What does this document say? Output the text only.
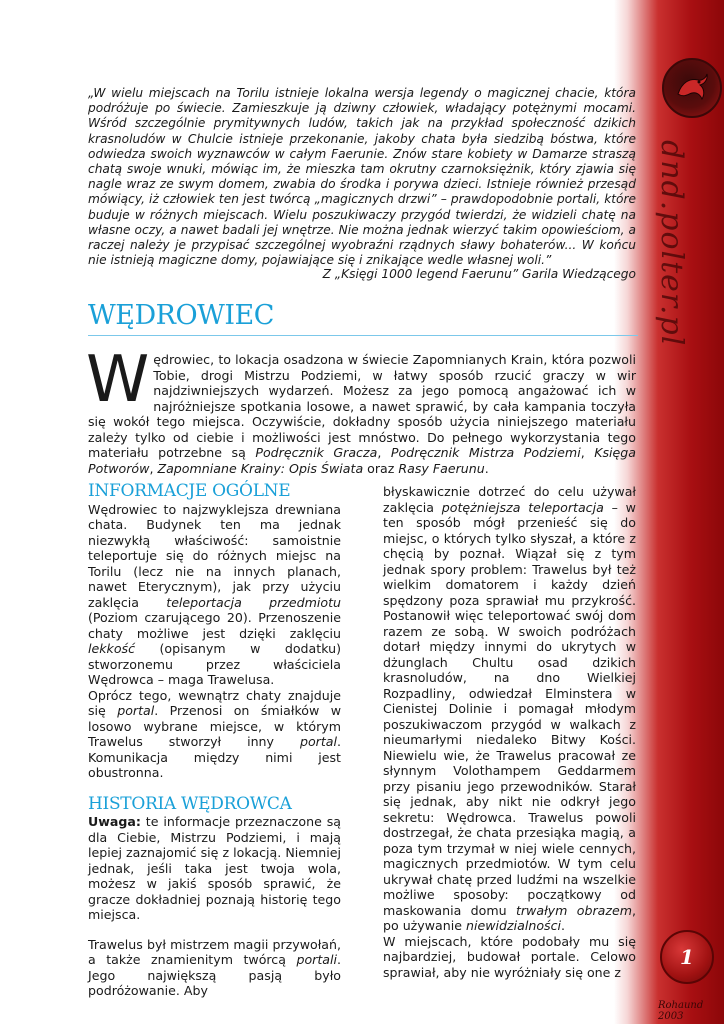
dnd.polter.pl
1
Rohaund 2003

„W wielu miejscach na Torilu istnieje lokalna wersja legendy o magicznej chacie, która podróżuje po świecie. Zamieszkuje ją dziwny człowiek, władający potężnymi mocami. Wśród szczególnie prymitywnych ludów, takich jak na przykład społeczność dzikich krasnoludów w Chulcie istnieje przekonanie, jakoby chata była siedzibą bóstwa, które odwiedza swoich wyznawców w całym Faerunie. Znów stare kobiety w Damarze straszą chatą swoje wnuki, mówiąc im, że mieszka tam okrutny czarnoksiężnik, który zjawia się nagle wraz ze swym domem, zwabia do środka i porywa dzieci. Istnieje również przesąd mówiący, iż człowiek ten jest twórcą „magicznych drzwi” – prawdopodobnie portali, które buduje w różnych miejscach. Wielu poszukiwaczy przygód twierdzi, że widzieli chatę na własne oczy, a nawet badali jej wnętrze. Nie można jednak wierzyć takim opowieściom, a raczej należy je przypisać szczególnej wyobraźni rządnych sławy bohaterów... W końcu nie istnieją magiczne domy, pojawiające się i znikające wedle własnej woli.”

Z „Księgi 1000 legend Faerunu” Garila Wiedzącego
WĘDROWIEC
Wędrowiec, to lokacja osadzona w świecie Zapomnianych Krain, która pozwoli Tobie, drogi Mistrzu Podziemi, w łatwy sposób rzucić graczy w wir najdziwniejszych wydarzeń. Możesz za jego pomocą angażować ich w najróżniejsze spotkania losowe, a nawet sprawić, by cała kampania toczyła się wokół tego miejsca. Oczywiście, dokładny sposób użycia niniejszego materiału zależy tylko od ciebie i możliwości jest mnóstwo. Do pełnego wykorzystania tego materiału potrzebne są Podręcznik Gracza, Podręcznik Mistrza Podziemi, Księga Potworów, Zapomniane Krainy: Opis Świata oraz Rasy Faerunu.
INFORMACJE OGÓLNE

Wędrowiec to najzwyklejsza drewniana chata. Budynek ten ma jednak niezwykłą właściwość: samoistnie teleportuje się do różnych miejsc na Torilu (lecz nie na innych planach, nawet Eterycznym), jak przy użyciu zaklęcia teleportacja przedmiotu (Poziom czarującego 20). Przenoszenie chaty możliwe jest dzięki zaklęciu lekkość (opisanym w dodatku) stworzonemu przez właściciela Wędrowca – maga Trawelusa.

Oprócz tego, wewnątrz chaty znajduje się portal. Przenosi on śmiałków w losowo wybrane miejsce, w którym Trawelus stworzył inny portal. Komunikacja między nimi jest obustronna.

HISTORIA WĘDROWCA

Uwaga: te informacje przeznaczone są dla Ciebie, Mistrzu Podziemi, i mają lepiej zaznajomić się z lokacją. Niemniej jednak, jeśli taka jest twoja wola, możesz w jakiś sposób sprawić, że gracze dokładniej poznają historię tego miejsca.

Trawelus był mistrzem magii przywołań, a także znamienitym twórcą portali. Jego największą pasją było podróżowanie. Aby

błyskawicznie dotrzeć do celu używał zaklęcia potężniejsza teleportacja – w ten sposób mógł przenieść się do miejsc, o których tylko słyszał, a które z chęcią by poznał. Wiązał się z tym jednak spory problem: Trawelus był też wielkim domatorem i każdy dzień spędzony poza sprawiał mu przykrość. Postanowił więc teleportować swój dom razem ze sobą. W swoich podróżach dotarł między innymi do ukrytych w dżunglach Chultu osad dzikich krasnoludów, na dno Wielkiej Rozpadliny, odwiedzał Elminstera w Cienistej Dolinie i pomagał młodym poszukiwaczom przygód w walkach z nieumarłymi niedaleko Bitwy Kości. Niewielu wie, że Trawelus pracował ze słynnym Volothampem Geddarmem przy pisaniu jego przewodników. Starał się jednak, aby nikt nie odkrył jego sekretu: Wędrowca. Trawelus powoli dostrzegał, że chata przesiąka magią, a poza tym trzymał w niej wiele cennych, magicznych przedmiotów. W tym celu ukrywał chatę przed ludźmi na wszelkie możliwe sposoby: początkowy od maskowania domu trwałym obrazem, po używanie niewidzialności.

W miejscach, które podobały mu się najbardziej, budował portale. Celowo sprawiał, aby nie wyróżniały się one z
